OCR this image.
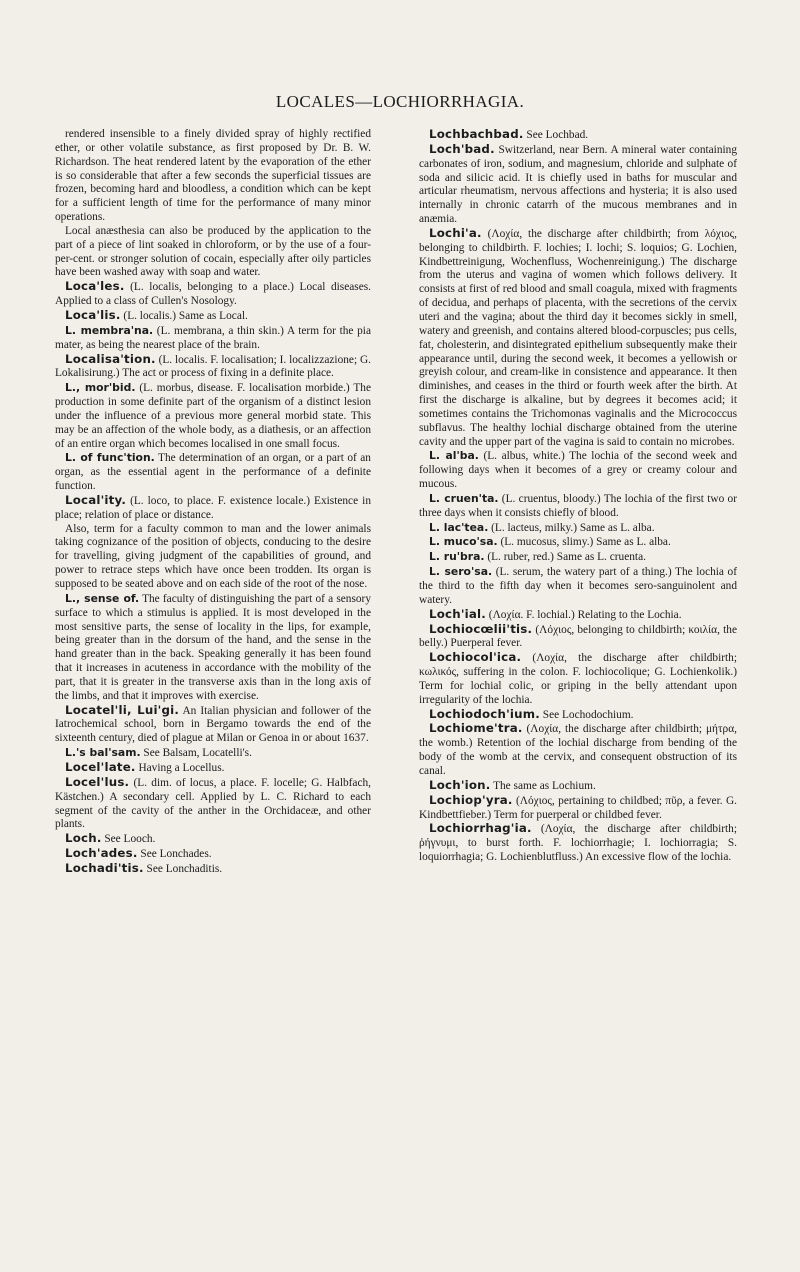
LOCALES—LOCHIORRHAGIA.

rendered insensible to a finely divided spray of highly rectified ether, or other volatile substance, as first proposed by Dr. B. W. Richardson. The heat rendered latent by the evaporation of the ether is so considerable that after a few seconds the superficial tissues are frozen, becoming hard and bloodless, a condition which can be kept for a sufficient length of time for the performance of many minor operations.

Local anæsthesia can also be produced by the application to the part of a piece of lint soaked in chloroform, or by the use of a four-per-cent. or stronger solution of cocain, especially after oily particles have been washed away with soap and water.

Loca'les. (L. localis, belonging to a place.) Local diseases. Applied to a class of Cullen's Nosology.

Loca'lis. (L. localis.) Same as Local.

L. membra'na. (L. membrana, a thin skin.) A term for the pia mater, as being the nearest place of the brain.

Localisa'tion. (L. localis. F. localisation; I. localizzazione; G. Lokalisirung.) The act or process of fixing in a definite place.

L., mor'bid. (L. morbus, disease. F. localisation morbide.) The production in some definite part of the organism of a distinct lesion under the influence of a previous more general morbid state. This may be an affection of the whole body, as a diathesis, or an affection of an entire organ which becomes localised in one small focus.

L. of func'tion. The determination of an organ, or a part of an organ, as the essential agent in the performance of a definite function.

Local'ity. (L. loco, to place. F. existence locale.) Existence in place; relation of place or distance.

Also, term for a faculty common to man and the lower animals taking cognizance of the position of objects, conducing to the desire for travelling, giving judgment of the capabilities of ground, and power to retrace steps which have once been trodden. Its organ is supposed to be seated above and on each side of the root of the nose.

L., sense of. The faculty of distinguishing the part of a sensory surface to which a stimulus is applied. It is most developed in the most sensitive parts, the sense of locality in the lips, for example, being greater than in the dorsum of the hand, and the sense in the hand greater than in the back. Speaking generally it has been found that it increases in acuteness in accordance with the mobility of the part, that it is greater in the transverse axis than in the long axis of the limbs, and that it improves with exercise.

Locatel'li, Lui'gi. An Italian physician and follower of the Iatrochemical school, born in Bergamo towards the end of the sixteenth century, died of plague at Milan or Genoa in or about 1637.

L.'s bal'sam. See Balsam, Locatelli's.

Locel'late. Having a Locellus.

Locel'lus. (L. dim. of locus, a place. F. locelle; G. Halbfach, Kästchen.) A secondary cell. Applied by L. C. Richard to each segment of the cavity of the anther in the Orchidaceæ, and other plants.

Loch. See Looch.

Loch'ades. See Lonchades.

Lochadi'tis. See Lonchaditis.

Lochbachbad. See Lochbad.

Loch'bad. Switzerland, near Bern. A mineral water containing carbonates of iron, sodium, and magnesium, chloride and sulphate of soda and silicic acid. It is chiefly used in baths for muscular and articular rheumatism, nervous affections and hysteria; it is also used internally in chronic catarrh of the mucous membranes and in anæmia.

Lochi'a. (Λοχία, the discharge after childbirth; from λόχιος, belonging to childbirth. F. lochies; I. lochi; S. loquios; G. Lochien, Kindbettreinigung, Wochenfluss, Wochenreinigung.) The discharge from the uterus and vagina of women which follows delivery. It consists at first of red blood and small coagula, mixed with fragments of decidua, and perhaps of placenta, with the secretions of the cervix uteri and the vagina; about the third day it becomes sickly in smell, watery and greenish, and contains altered blood-corpuscles; pus cells, fat, cholesterin, and disintegrated epithelium subsequently make their appearance until, during the second week, it becomes a yellowish or greyish colour, and cream-like in consistence and appearance. It then diminishes, and ceases in the third or fourth week after the birth. At first the discharge is alkaline, but by degrees it becomes acid; it sometimes contains the Trichomonas vaginalis and the Micrococcus subflavus. The healthy lochial discharge obtained from the uterine cavity and the upper part of the vagina is said to contain no microbes.

L. al'ba. (L. albus, white.) The lochia of the second week and following days when it becomes of a grey or creamy colour and mucous.

L. cruen'ta. (L. cruentus, bloody.) The lochia of the first two or three days when it consists chiefly of blood.

L. lac'tea. (L. lacteus, milky.) Same as L. alba.

L. muco'sa. (L. mucosus, slimy.) Same as L. alba.

L. ru'bra. (L. ruber, red.) Same as L. cruenta.

L. sero'sa. (L. serum, the watery part of a thing.) The lochia of the third to the fifth day when it becomes sero-sanguinolent and watery.

Loch'ial. (Λοχία. F. lochial.) Relating to the Lochia.

Lochiocœlii'tis. (Λόχιος, belonging to childbirth; κοιλία, the belly.) Puerperal fever.

Lochiocol'ica. (Λοχία, the discharge after childbirth; κωλικός, suffering in the colon. F. lochiocolique; G. Lochienkolik.) Term for lochial colic, or griping in the belly attendant upon irregularity of the lochia.

Lochiodoch'ium. See Lochodochium.

Lochiome'tra. (Λοχία, the discharge after childbirth; μήτρα, the womb.) Retention of the lochial discharge from bending of the body of the womb at the cervix, and consequent obstruction of its canal.

Loch'ion. The same as Lochium.

Lochiop'yra. (Λόχιος, pertaining to childbed; πῦρ, a fever. G. Kindbettfieber.) Term for puerperal or childbed fever.

Lochiorrhag'ia. (Λοχία, the discharge after childbirth; ῥήγνυμι, to burst forth. F. lochiorrhagie; I. lochiorragia; S. loquiorrhagia; G. Lochienblutfluss.) An excessive flow of the lochia.
